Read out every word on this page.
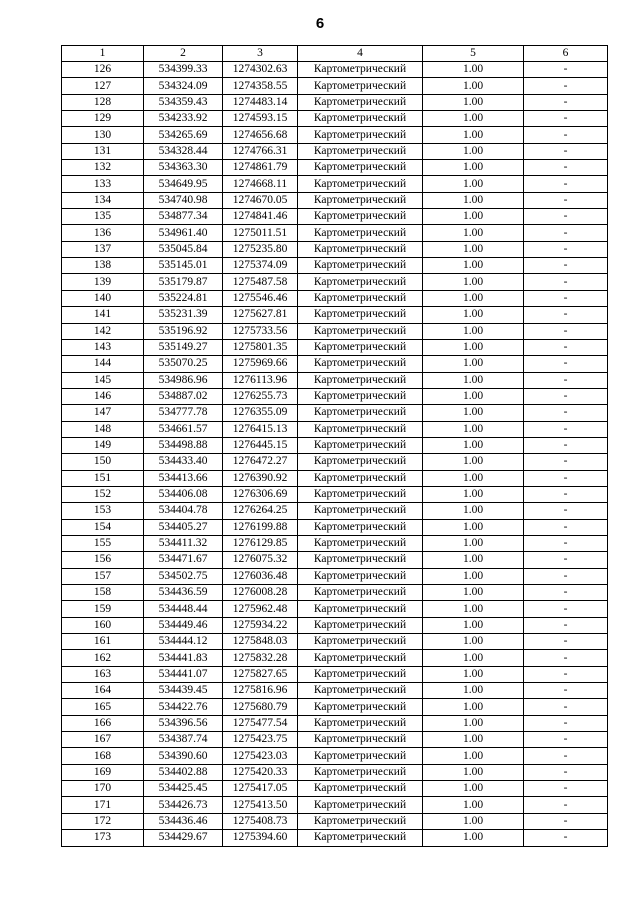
6
1	2	3	4	5	6
126	534399.33	1274302.63	Картометрический	1.00	-
127	534324.09	1274358.55	Картометрический	1.00	-
128	534359.43	1274483.14	Картометрический	1.00	-
129	534233.92	1274593.15	Картометрический	1.00	-
130	534265.69	1274656.68	Картометрический	1.00	-
131	534328.44	1274766.31	Картометрический	1.00	-
132	534363.30	1274861.79	Картометрический	1.00	-
133	534649.95	1274668.11	Картометрический	1.00	-
134	534740.98	1274670.05	Картометрический	1.00	-
135	534877.34	1274841.46	Картометрический	1.00	-
136	534961.40	1275011.51	Картометрический	1.00	-
137	535045.84	1275235.80	Картометрический	1.00	-
138	535145.01	1275374.09	Картометрический	1.00	-
139	535179.87	1275487.58	Картометрический	1.00	-
140	535224.81	1275546.46	Картометрический	1.00	-
141	535231.39	1275627.81	Картометрический	1.00	-
142	535196.92	1275733.56	Картометрический	1.00	-
143	535149.27	1275801.35	Картометрический	1.00	-
144	535070.25	1275969.66	Картометрический	1.00	-
145	534986.96	1276113.96	Картометрический	1.00	-
146	534887.02	1276255.73	Картометрический	1.00	-
147	534777.78	1276355.09	Картометрический	1.00	-
148	534661.57	1276415.13	Картометрический	1.00	-
149	534498.88	1276445.15	Картометрический	1.00	-
150	534433.40	1276472.27	Картометрический	1.00	-
151	534413.66	1276390.92	Картометрический	1.00	-
152	534406.08	1276306.69	Картометрический	1.00	-
153	534404.78	1276264.25	Картометрический	1.00	-
154	534405.27	1276199.88	Картометрический	1.00	-
155	534411.32	1276129.85	Картометрический	1.00	-
156	534471.67	1276075.32	Картометрический	1.00	-
157	534502.75	1276036.48	Картометрический	1.00	-
158	534436.59	1276008.28	Картометрический	1.00	-
159	534448.44	1275962.48	Картометрический	1.00	-
160	534449.46	1275934.22	Картометрический	1.00	-
161	534444.12	1275848.03	Картометрический	1.00	-
162	534441.83	1275832.28	Картометрический	1.00	-
163	534441.07	1275827.65	Картометрический	1.00	-
164	534439.45	1275816.96	Картометрический	1.00	-
165	534422.76	1275680.79	Картометрический	1.00	-
166	534396.56	1275477.54	Картометрический	1.00	-
167	534387.74	1275423.75	Картометрический	1.00	-
168	534390.60	1275423.03	Картометрический	1.00	-
169	534402.88	1275420.33	Картометрический	1.00	-
170	534425.45	1275417.05	Картометрический	1.00	-
171	534426.73	1275413.50	Картометрический	1.00	-
172	534436.46	1275408.73	Картометрический	1.00	-
173	534429.67	1275394.60	Картометрический	1.00	-
